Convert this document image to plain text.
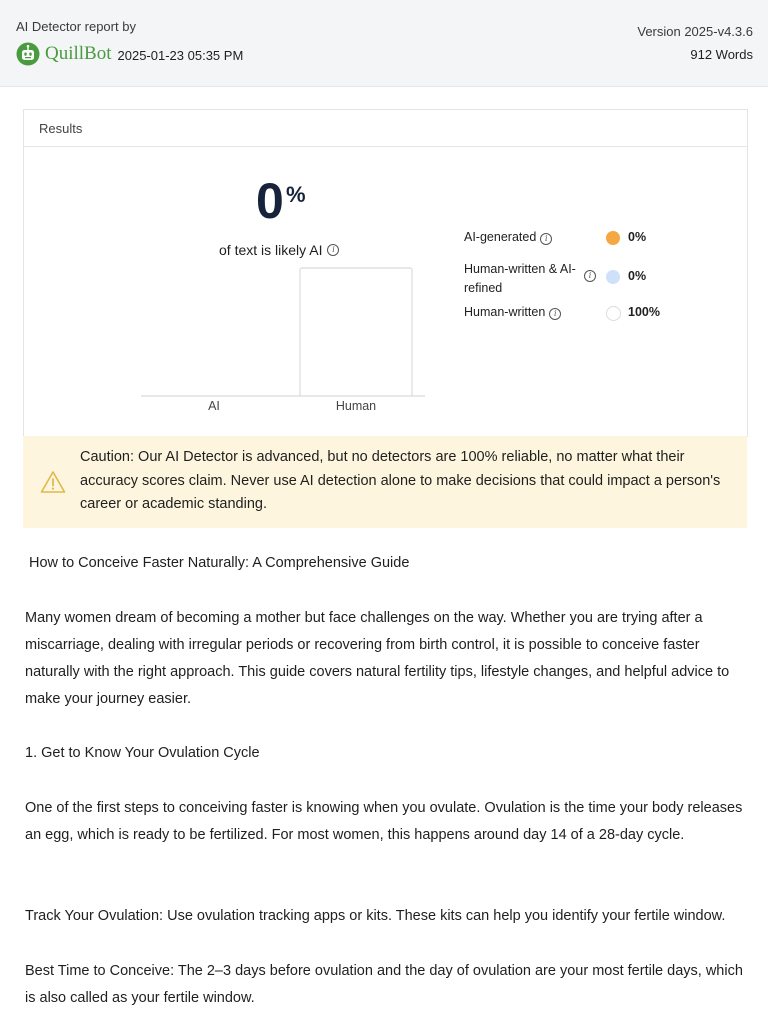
AI Detector report by
QuillBot 2025-01-23 05:35 PM
Version 2025-v4.3.6
912 Words
Results
0 %
of text is likely AI	i
AI	Human
AI-generated i	0%
Human-written & AI-refined
i	0%
Human-written i	100%
Caution: Our AI Detector is advanced, but no detectors are 100% reliable, no matter what their accuracy scores claim. Never use AI detection alone to make decisions that could impact a person's career or academic standing.
How to Conceive Faster Naturally: A Comprehensive Guide
Many women dream of becoming a mother but face challenges on the way. Whether you are trying after a miscarriage, dealing with irregular periods or recovering from birth control, it is possible to conceive faster naturally with the right approach. This guide covers natural fertility tips, lifestyle changes, and helpful advice to make your journey easier.
1. Get to Know Your Ovulation Cycle
One of the first steps to conceiving faster is knowing when you ovulate. Ovulation is the time your body releases an egg, which is ready to be fertilized. For most women, this happens around day 14 of a 28-day cycle.
Track Your Ovulation: Use ovulation tracking apps or kits. These kits can help you identify your fertile window.
Best Time to Conceive: The 2–3 days before ovulation and the day of ovulation are your most fertile days, which is also called as your fertile window.
